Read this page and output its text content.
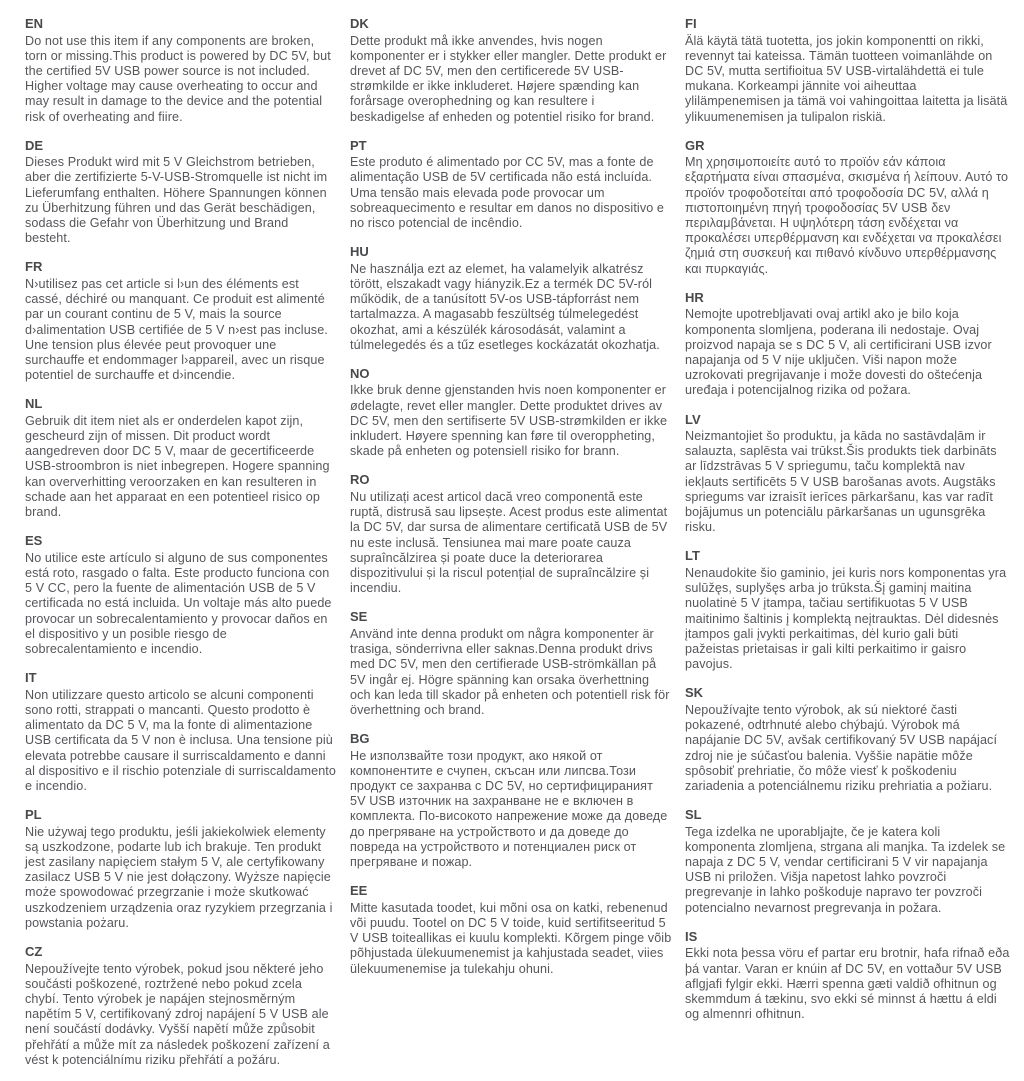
EN
Do not use this item if any components are broken, torn or missing.This product is powered by DC 5V, but the certified 5V USB power source is not included. Higher voltage may cause overheating to occur and may result in damage to the device and the potential risk of overheating and fiire.
DE
Dieses Produkt wird mit 5 V Gleichstrom betrieben, aber die zertifizierte 5-V-USB-Stromquelle ist nicht im Lieferumfang enthalten. Höhere Spannungen können zu Überhitzung führen und das Gerät beschädigen, sodass die Gefahr von Überhitzung und Brand besteht.
FR
N›utilisez pas cet article si l›un des éléments est cassé, déchiré ou manquant. Ce produit est alimenté par un courant continu de 5 V, mais la source d›alimentation USB certifiée de 5 V n›est pas incluse. Une tension plus élevée peut provoquer une surchauffe et endommager l›appareil, avec un risque potentiel de surchauffe et d›incendie.
NL
Gebruik dit item niet als er onderdelen kapot zijn, gescheurd zijn of missen. Dit product wordt aangedreven door DC 5 V, maar de gecertificeerde USB-stroombron is niet inbegrepen. Hogere spanning kan oververhitting veroorzaken en kan resulteren in schade aan het apparaat en een potentieel risico op brand.
ES
No utilice este artículo si alguno de sus componentes está roto, rasgado o falta. Este producto funciona con 5 V CC, pero la fuente de alimentación USB de 5 V certificada no está incluida. Un voltaje más alto puede provocar un sobrecalentamiento y provocar daños en el dispositivo y un posible riesgo de sobrecalentamiento e incendio.
IT
Non utilizzare questo articolo se alcuni componenti sono rotti, strappati o mancanti. Questo prodotto è alimentato da DC 5 V, ma la fonte di alimentazione USB certificata da 5 V non è inclusa. Una tensione più elevata potrebbe causare il surriscaldamento e danni al dispositivo e il rischio potenziale di surriscaldamento e incendio.
PL
Nie używaj tego produktu, jeśli jakiekolwiek elementy są uszkodzone, podarte lub ich brakuje. Ten produkt jest zasilany napięciem stałym 5 V, ale certyfikowany zasilacz USB 5 V nie jest dołączony. Wyższe napięcie może spowodować przegrzanie i może skutkować uszkodzeniem urządzenia oraz ryzykiem przegrzania i powstania pożaru.
CZ
Nepoužívejte tento výrobek, pokud jsou některé jeho součásti poškozené, roztržené nebo pokud zcela chybí. Tento výrobek je napájen stejnosměrným napětím 5 V, certifikovaný zdroj napájení 5 V USB ale není součástí dodávky. Vyšší napětí může způsobit přehřátí a může mít za následek poškození zařízení a vést k potenciálnímu riziku přehřátí a požáru.
DK
Dette produkt må ikke anvendes, hvis nogen komponenter er i stykker eller mangler. Dette produkt er drevet af DC 5V, men den certificerede 5V USB-strømkilde er ikke inkluderet. Højere spænding kan forårsage overophedning og kan resultere i beskadigelse af enheden og potentiel risiko for brand.
PT
Este produto é alimentado por CC 5V, mas a fonte de alimentação USB de 5V certificada não está incluída. Uma tensão mais elevada pode provocar um sobreaquecimento e resultar em danos no dispositivo e no risco potencial de incêndio.
HU
Ne használja ezt az elemet, ha valamelyik alkatrész törött, elszakadt vagy hiányzik.Ez a termék DC 5V-ról működik, de a tanúsított 5V-os USB-tápforrást nem tartalmazza. A magasabb feszültség túlmelegedést okozhat, ami a készülék károsodását, valamint a túlmelegedés és a tűz esetleges kockázatát okozhatja.
NO
Ikke bruk denne gjenstanden hvis noen komponenter er ødelagte, revet eller mangler. Dette produktet drives av DC 5V, men den sertifiserte 5V USB-strømkilden er ikke inkludert. Høyere spenning kan føre til overoppheting, skade på enheten og potensiell risiko for brann.
RO
Nu utilizați acest articol dacă vreo componentă este ruptă, distrusă sau lipsește. Acest produs este alimentat la DC 5V, dar sursa de alimentare certificată USB de 5V nu este inclusă. Tensiunea mai mare poate cauza supraîncălzirea și poate duce la deteriorarea dispozitivului și la riscul potențial de supraîncălzire și incendiu.
SE
Använd inte denna produkt om några komponenter är trasiga, sönderrivna eller saknas.Denna produkt drivs med DC 5V, men den certifierade USB-strömkällan på 5V ingår ej. Högre spänning kan orsaka överhettning och kan leda till skador på enheten och potentiell risk för överhettning och brand.
BG
Не използвайте този продукт, ако някой от компонентите е счупен, скъсан или липсва.Този продукт се захранва с DC 5V, но сертифицираният 5V USB източник на захранване не е включен в комплекта. По-високото напрежение може да доведе до прегряване на устройството и да доведе до повреда на устройството и потенциален риск от прегряване и пожар.
EE
Mitte kasutada toodet, kui mõni osa on katki, rebenenud või puudu. Tootel on DC 5 V toide, kuid sertifitseeritud 5 V USB toiteallikas ei kuulu komplekti. Kõrgem pinge võib põhjustada ülekuumenemist ja kahjustada seadet, viies ülekuumenemise ja tulekahju ohuni.
FI
Älä käytä tätä tuotetta, jos jokin komponentti on rikki, revennyt tai kateissa. Tämän tuotteen voimanlähde on DC 5V, mutta sertifioitua 5V USB-virtalähdettä ei tule mukana. Korkeampi jännite voi aiheuttaa ylilämpenemisen ja tämä voi vahingoittaa laitetta ja lisätä ylikuumenemisen ja tulipalon riskiä.
GR
Μη χρησιμοποιείτε αυτό το προϊόν εάν κάποια εξαρτήματα είναι σπασμένα, σκισμένα ή λείπουν. Αυτό το προϊόν τροφοδοτείται από τροφοδοσία DC 5V, αλλά η πιστοποιημένη πηγή τροφοδοσίας 5V USB δεν περιλαμβάνεται. Η υψηλότερη τάση ενδέχεται να προκαλέσει υπερθέρμανση και ενδέχεται να προκαλέσει ζημιά στη συσκευή και πιθανό κίνδυνο υπερθέρμανσης και πυρκαγιάς.
HR
Nemojte upotrebljavati ovaj artikl ako je bilo koja komponenta slomljena, poderana ili nedostaje. Ovaj proizvod napaja se s DC 5 V, ali certificirani USB izvor napajanja od 5 V nije uključen. Viši napon može uzrokovati pregrijavanje i može dovesti do oštećenja uređaja i potencijalnog rizika od požara.
LV
Neizmantojiet šo produktu, ja kāda no sastāvdaļām ir salauzta, saplēsta vai trūkst.Šis produkts tiek darbināts ar līdzstrāvas 5 V spriegumu, taču komplektā nav iekļauts sertificēts 5 V USB barošanas avots. Augstāks spriegums var izraisīt ierīces pārkaršanu, kas var radīt bojājumus un potenciālu pārkaršanas un ugunsgrēka risku.
LT
Nenaudokite šio gaminio, jei kuris nors komponentas yra sulūžęs, suplyšęs arba jo trūksta.Šį gaminį maitina nuolatinė 5 V įtampa, tačiau sertifikuotas 5 V USB maitinimo šaltinis į komplektą neįtrauktas. Dėl didesnės įtampos gali įvykti perkaitimas, dėl kurio gali būti pažeistas prietaisas ir gali kilti perkaitimo ir gaisro pavojus.
SK
Nepoužívajte tento výrobok, ak sú niektoré časti pokazené, odtrhnuté alebo chýbajú. Výrobok má napájanie DC 5V, avšak certifikovaný 5V USB napájací zdroj nie je súčasťou balenia. Vyššie napätie môže spôsobiť prehriatie, čo môže viesť k poškodeniu zariadenia a potenciálnemu riziku prehriatia a požiaru.
SL
Tega izdelka ne uporabljajte, če je katera koli komponenta zlomljena, strgana ali manjka. Ta izdelek se napaja z DC 5 V, vendar certificirani 5 V vir napajanja USB ni priložen. Višja napetost lahko povzroči pregrevanje in lahko poškoduje napravo ter povzroči potencialno nevarnost pregrevanja in požara.
IS
Ekki nota þessa vöru ef partar eru brotnir, hafa rifnað eða þá vantar. Varan er knúin af DC 5V, en vottaður 5V USB aflgjafi fylgir ekki. Hærri spenna gæti valdið ofhitnun og skemmdum á tækinu, svo ekki sé minnst á hættu á eldi og almennri ofhitnun.
